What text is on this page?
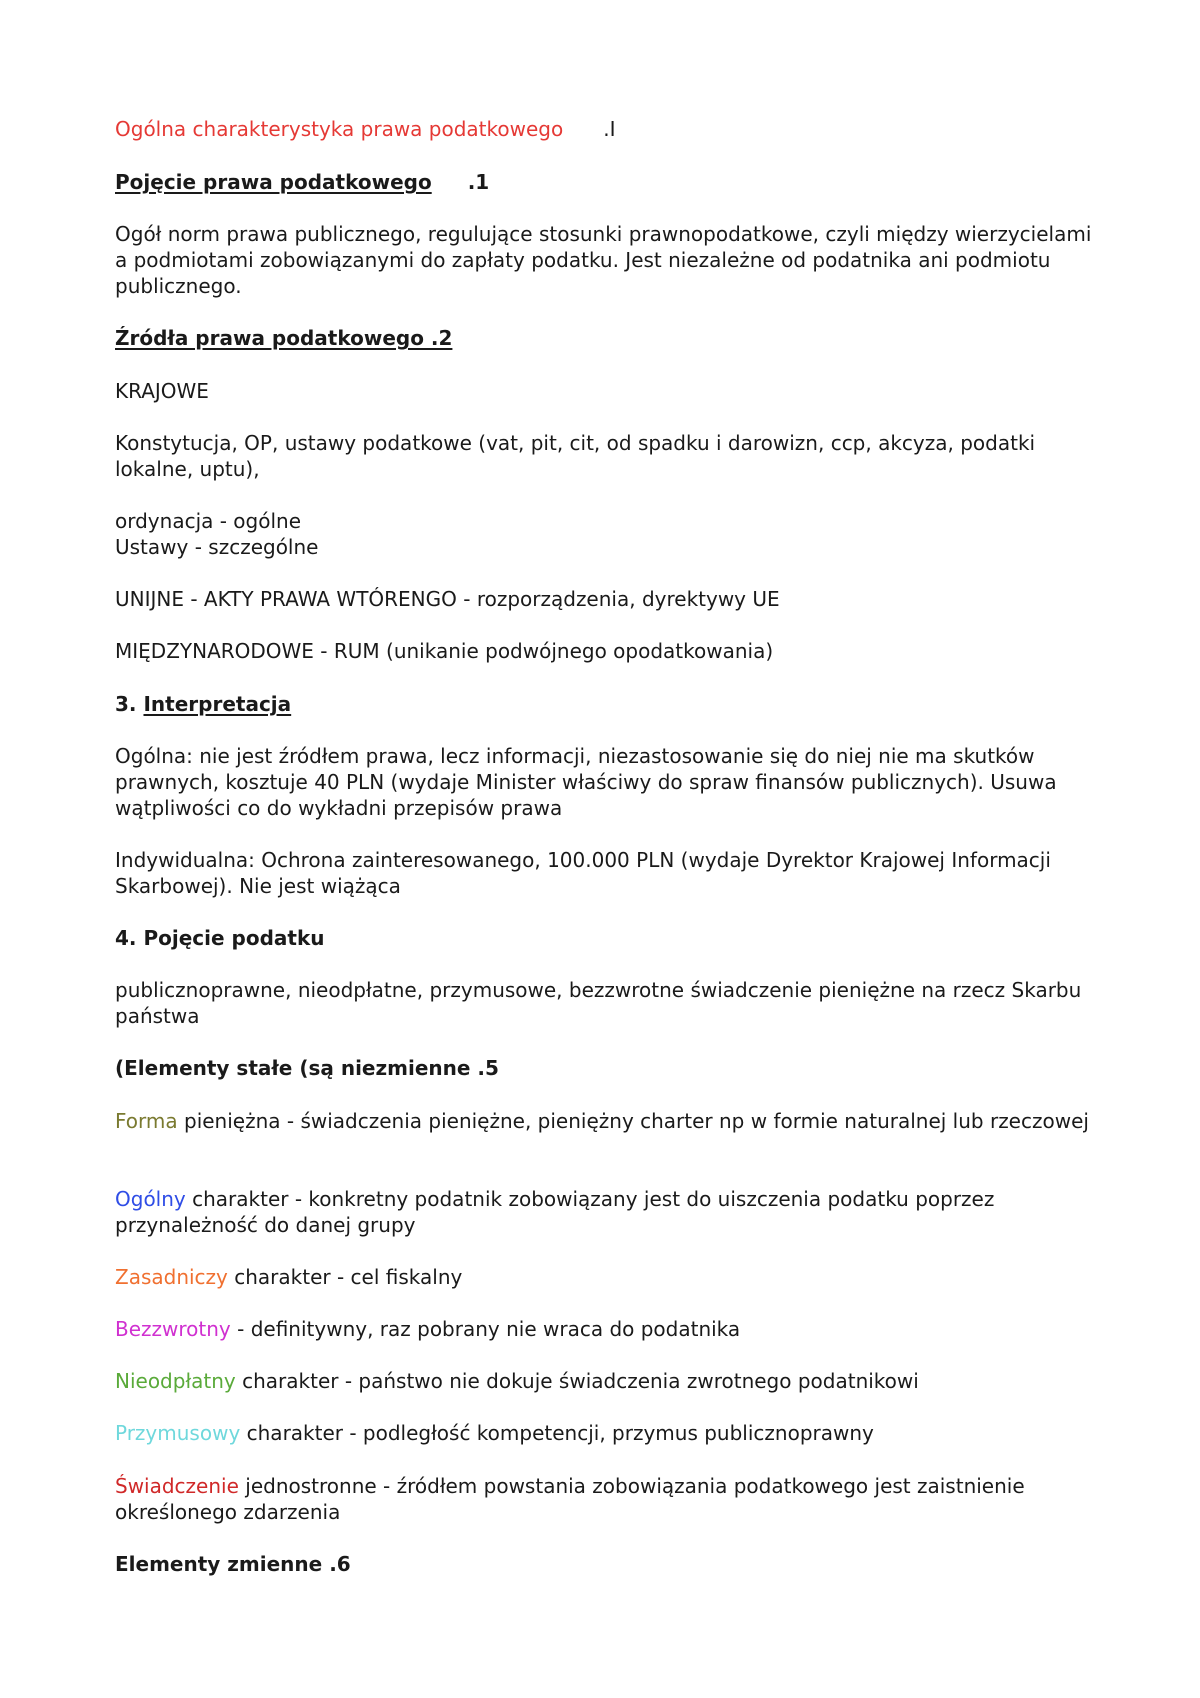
Ogólna charakterystyka prawa podatkowego .I
Pojęcie prawa podatkowego .1
Ogół norm prawa publicznego, regulujące stosunki prawnopodatkowe, czyli między wierzycielami a podmiotami zobowiązanymi do zapłaty podatku. Jest niezależne od podatnika ani podmiotu publicznego.
Źródła prawa podatkowego .2
KRAJOWE
Konstytucja, OP, ustawy podatkowe (vat, pit, cit, od spadku i darowizn, ccp, akcyza, podatki lokalne, uptu),
ordynacja - ogólne
Ustawy - szczególne
UNIJNE - AKTY PRAWA WTÓRENGO - rozporządzenia, dyrektywy UE
MIĘDZYNARODOWE - RUM (unikanie podwójnego opodatkowania)
3. Interpretacja
Ogólna: nie jest źródłem prawa, lecz informacji, niezastosowanie się do niej nie ma skutków prawnych, kosztuje 40 PLN (wydaje Minister właściwy do spraw finansów publicznych). Usuwa wątpliwości co do wykładni przepisów prawa
Indywidualna: Ochrona zainteresowanego, 100.000 PLN (wydaje Dyrektor Krajowej Informacji Skarbowej). Nie jest wiążąca
4. Pojęcie podatku
publicznoprawne, nieodpłatne, przymusowe, bezzwrotne świadczenie pieniężne na rzecz Skarbu państwa
(Elementy stałe (są niezmienne .5
Forma pieniężna - świadczenia pieniężne, pieniężny charter np w formie naturalnej lub rzeczowej
Ogólny charakter - konkretny podatnik zobowiązany jest do uiszczenia podatku poprzez przynależność do danej grupy
Zasadniczy charakter - cel fiskalny
Bezzwrotny - definitywny, raz pobrany nie wraca do podatnika
Nieodpłatny charakter - państwo nie dokuje świadczenia zwrotnego podatnikowi
Przymusowy charakter - podległość kompetencji, przymus publicznoprawny
Świadczenie jednostronne - źródłem powstania zobowiązania podatkowego jest zaistnienie określonego zdarzenia
Elementy zmienne .6
